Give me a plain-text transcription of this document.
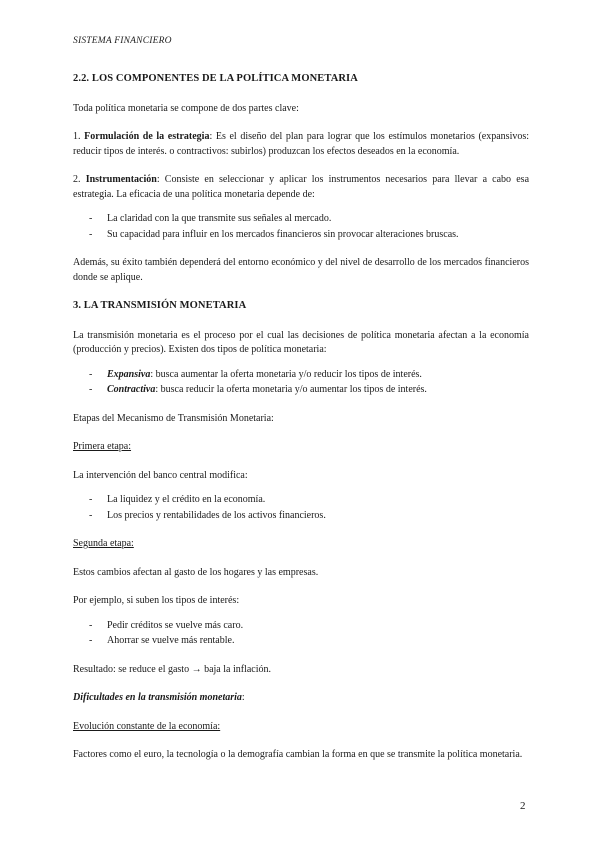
SISTEMA FINANCIERO
2.2. LOS COMPONENTES DE LA POLÍTICA MONETARIA

Toda política monetaria se compone de dos partes clave:

1. Formulación de la estrategia: Es el diseño del plan para lograr que los estímulos monetarios (expansivos: reducir tipos de interés. o contractivos: subirlos) produzcan los efectos deseados en la economía.

2. Instrumentación: Consiste en seleccionar y aplicar los instrumentos necesarios para llevar a cabo esa estrategia. La eficacia de una política monetaria depende de:

- La claridad con la que transmite sus señales al mercado.
- Su capacidad para influir en los mercados financieros sin provocar alteraciones bruscas.

Además, su éxito también dependerá del entorno económico y del nivel de desarrollo de los mercados financieros donde se aplique.

3. LA TRANSMISIÓN MONETARIA

La transmisión monetaria es el proceso por el cual las decisiones de política monetaria afectan a la economía (producción y precios). Existen dos tipos de política monetaria:

- Expansiva: busca aumentar la oferta monetaria y/o reducir los tipos de interés.
- Contractiva: busca reducir la oferta monetaria y/o aumentar los tipos de interés.

Etapas del Mecanismo de Transmisión Monetaria:

Primera etapa:

La intervención del banco central modifica:

- La liquidez y el crédito en la economía.
- Los precios y rentabilidades de los activos financieros.

Segunda etapa:

Estos cambios afectan al gasto de los hogares y las empresas.

Por ejemplo, si suben los tipos de interés:

- Pedir créditos se vuelve más caro.
- Ahorrar se vuelve más rentable.

Resultado: se reduce el gasto → baja la inflación.

Dificultades en la transmisión monetaria:

Evolución constante de la economía:

Factores como el euro, la tecnología o la demografía cambian la forma en que se transmite la política monetaria.

2
